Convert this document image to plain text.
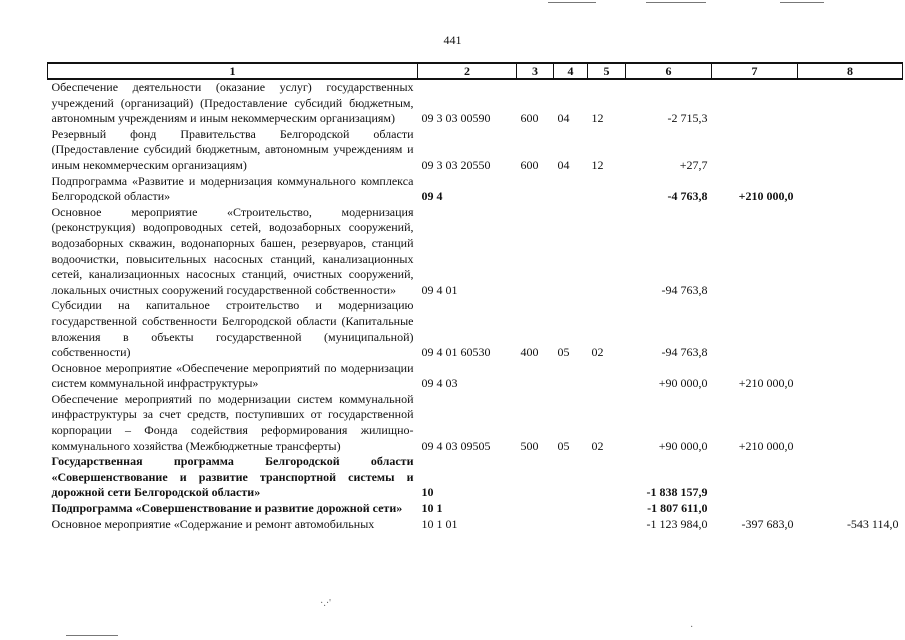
441
1	2	3	4	5	6	7	8
Обеспечение деятельности (оказание услуг) государственных учреждений (организаций) (Предоставление субсидий бюджетным, автономным учреждениям и иным некоммерческим организациям)	09 3 03 00590	600	04	12	-2 715,3		
Резервный фонд Правительства Белгородской области (Предоставление субсидий бюджетным, автономным учреждениям и иным некоммерческим организациям)	09 3 03 20550	600	04	12	+27,7		
Подпрограмма «Развитие и модернизация коммунального комплекса Белгородской области»	09 4				-4 763,8	+210 000,0	
Основное мероприятие «Строительство, модернизация (реконструкция) водопроводных сетей, водозаборных сооружений, водозаборных скважин, водонапорных башен, резервуаров, станций водоочистки, повысительных насосных станций, канализационных сетей, канализационных насосных станций, очистных сооружений, локальных очистных сооружений государственной собственности»	09 4 01				-94 763,8		
Субсидии на капитальное строительство и модернизацию государственной собственности Белгородской области (Капитальные вложения в объекты государственной (муниципальной) собственности)	09 4 01 60530	400	05	02	-94 763,8		
Основное мероприятие «Обеспечение мероприятий по модернизации систем коммунальной инфраструктуры»	09 4 03				+90 000,0	+210 000,0	
Обеспечение мероприятий по модернизации систем коммунальной инфраструктуры за счет средств, поступивших от государственной корпорации – Фонда содействия реформирования жилищно-коммунального хозяйства (Межбюджетные трансферты)	09 4 03 09505	500	05	02	+90 000,0	+210 000,0	
Государственная программа Белгородской области «Совершенствование и развитие транспортной системы и дорожной сети Белгородской области»	10				-1 838 157,9		
Подпрограмма «Совершенствование и развитие дорожной сети»	10 1				-1 807 611,0		
Основное мероприятие «Содержание и ремонт автомобильных	10 1 01				-1 123 984,0	-397 683,0	-543 114,0
·.·'
·
